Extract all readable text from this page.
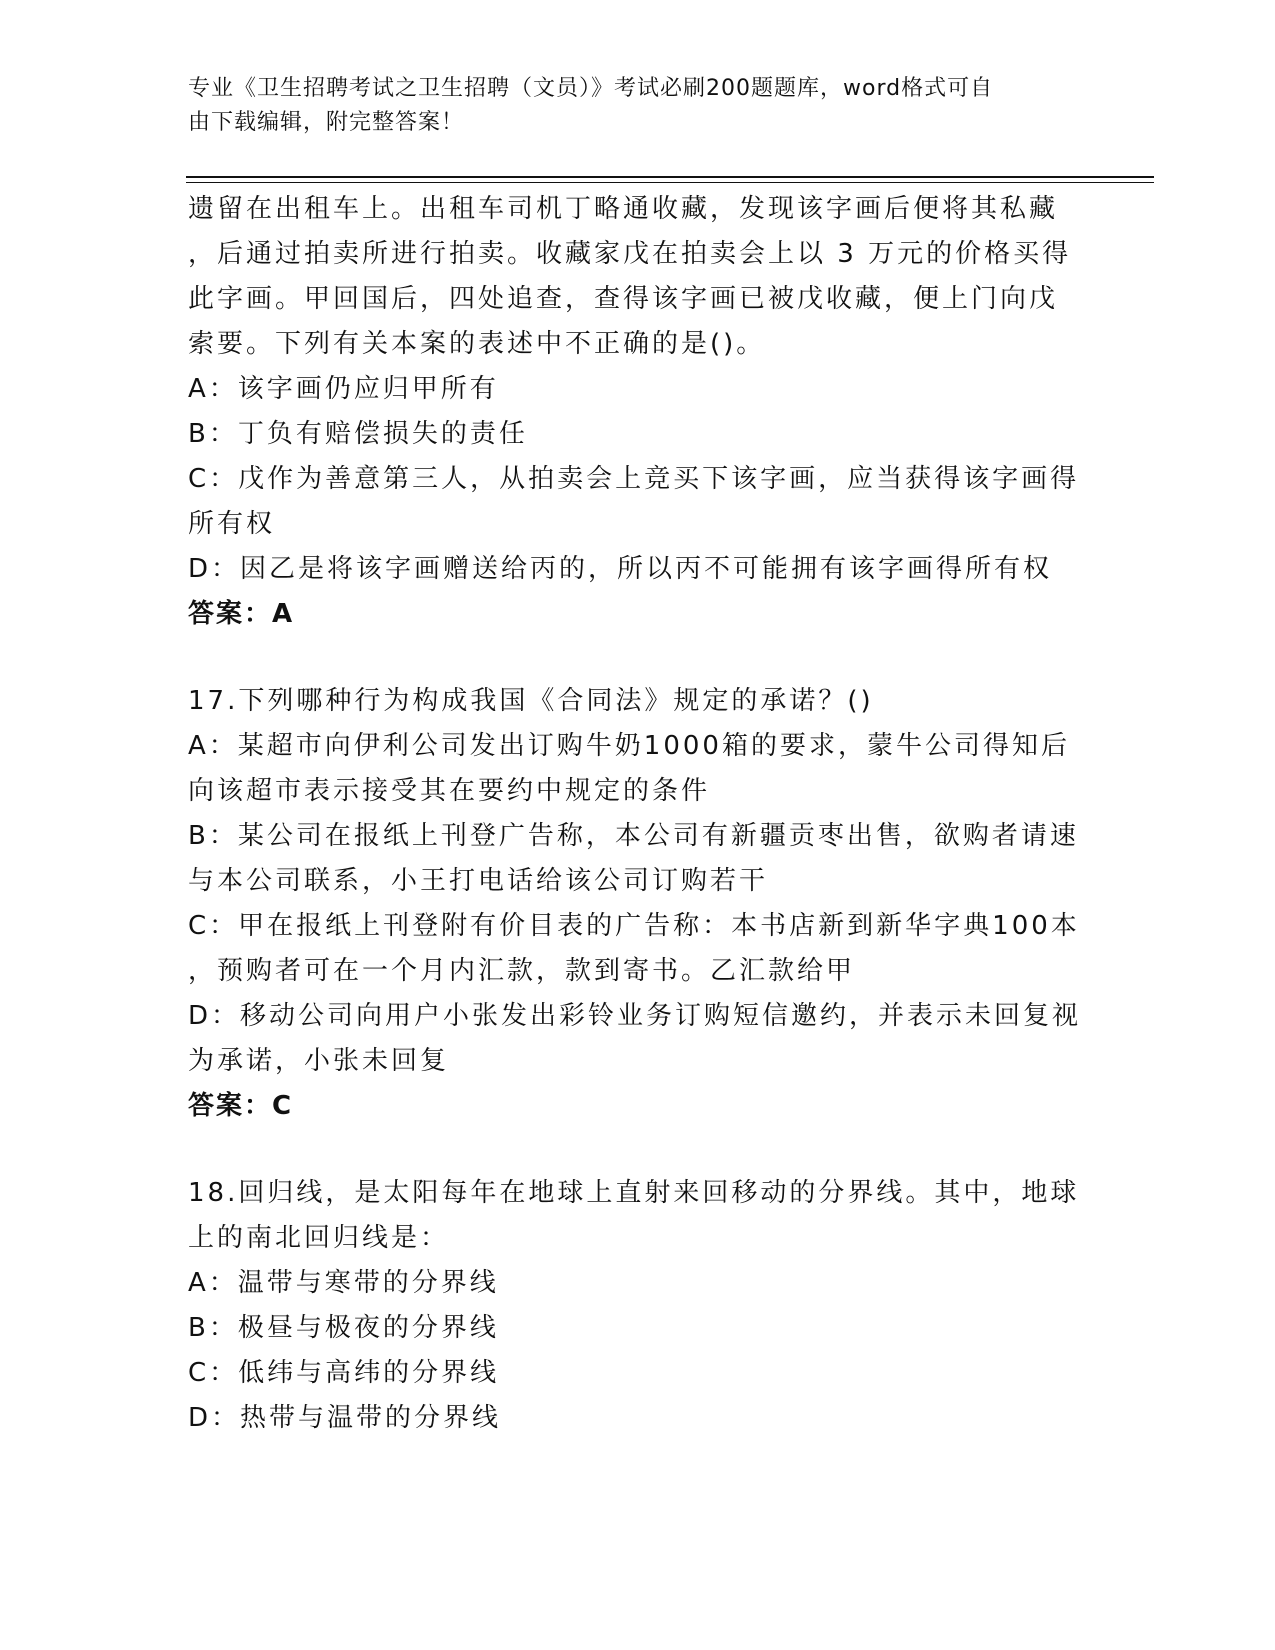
专业《卫生招聘考试之卫生招聘（文员）》考试必刷200题题库，word格式可自
由下载编辑，附完整答案！
遗留在出租车上。出租车司机丁略通收藏，发现该字画后便将其私藏
，后通过拍卖所进行拍卖。收藏家戊在拍卖会上以 3 万元的价格买得
此字画。甲回国后，四处追查，查得该字画已被戊收藏，便上门向戊
索要。下列有关本案的表述中不正确的是()。
A：该字画仍应归甲所有
B：丁负有赔偿损失的责任
C：戊作为善意第三人，从拍卖会上竞买下该字画，应当获得该字画得
所有权
D：因乙是将该字画赠送给丙的，所以丙不可能拥有该字画得所有权
答案：A
17.下列哪种行为构成我国《合同法》规定的承诺？()
A：某超市向伊利公司发出订购牛奶1000箱的要求，蒙牛公司得知后
向该超市表示接受其在要约中规定的条件
B：某公司在报纸上刊登广告称，本公司有新疆贡枣出售，欲购者请速
与本公司联系，小王打电话给该公司订购若干
C：甲在报纸上刊登附有价目表的广告称：本书店新到新华字典100本
，预购者可在一个月内汇款，款到寄书。乙汇款给甲
D：移动公司向用户小张发出彩铃业务订购短信邀约，并表示未回复视
为承诺，小张未回复
答案：C
18.回归线，是太阳每年在地球上直射来回移动的分界线。其中，地球
上的南北回归线是：
A：温带与寒带的分界线
B：极昼与极夜的分界线
C：低纬与高纬的分界线
D：热带与温带的分界线
